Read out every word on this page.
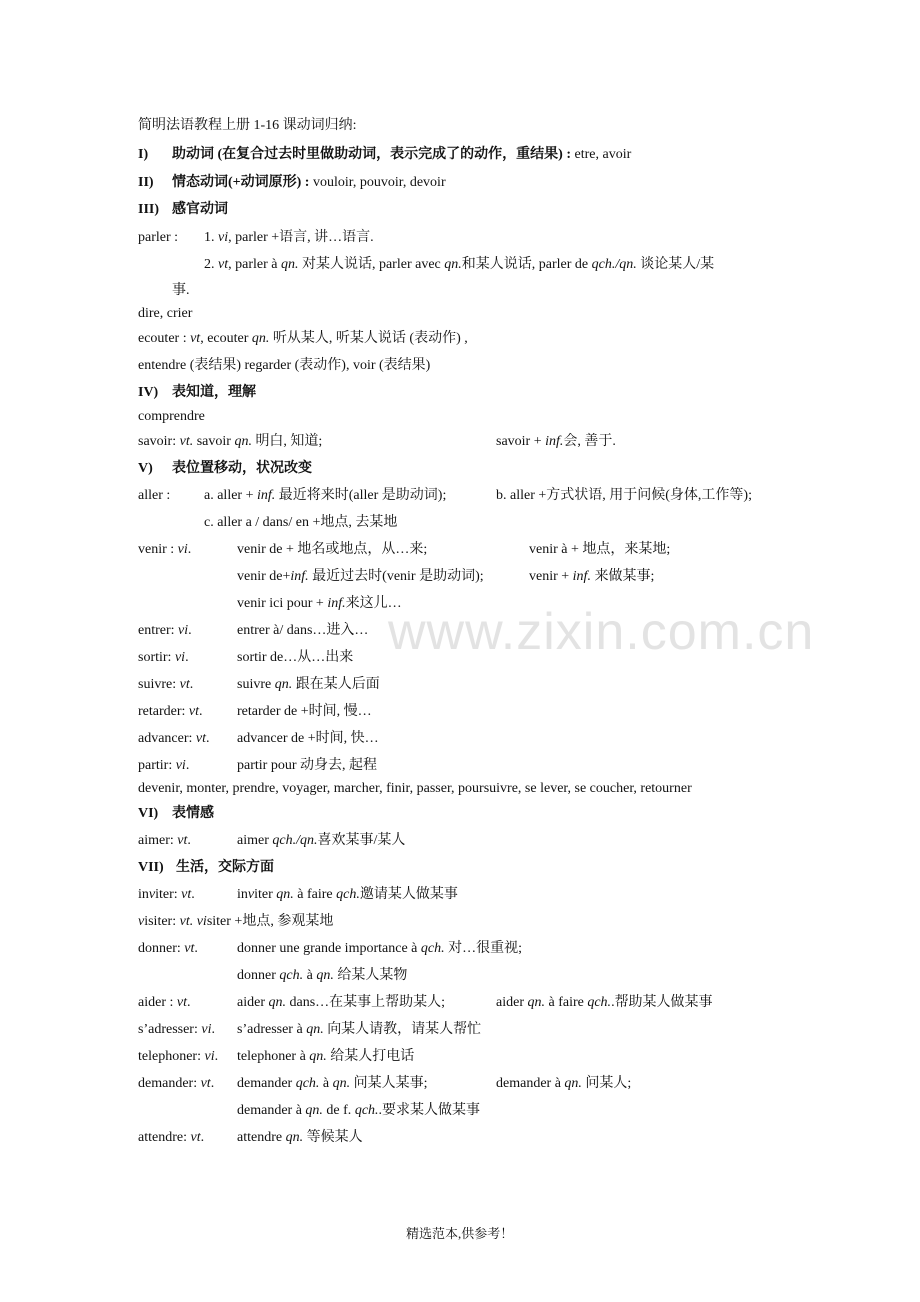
简明法语教程上册 1-16 课动词归纳:
I) 助动词 (在复合过去时里做助动词，表示完成了的动作，重结果) : etre, avoir
II) 情态动词(+动词原形) : vouloir, pouvoir, devoir
III) 感官动词
parler : 1. vi, parler +语言, 讲…语言.
2. vt, parler à qn. 对某人说话, parler avec qn.和某人说话, parler de qch./qn. 谈论某人/某
事.
dire, crier
ecouter : vt, ecouter qn. 听从某人, 听某人说话 (表动作) ,
entendre (表结果) regarder (表动作), voir (表结果)
IV) 表知道，理解
comprendre
savoir: vt. savoir qn. 明白, 知道;	savoir + inf.会, 善于.
V) 表位置移动，状况改变
aller : a. aller + inf. 最近将来时(aller 是助动词);	b. aller +方式状语, 用于问候(身体,工作等);
c. aller a / dans/ en +地点, 去某地
venir : vi.	venir de + 地名或地点，从…来;	venir à + 地点，来某地;
venir de+inf. 最近过去时(venir 是助动词);	venir + inf. 来做某事;
venir ici pour + inf.来这儿…
entrer: vi.	entrer à/ dans…进入…
sortir: vi.	sortir de…从…出来
suivre: vt.	suivre qn. 跟在某人后面
retarder: vt. retarder de +时间, 慢…
advancer: vt. advancer de +时间, 快…
partir: vi.	partir pour 动身去, 起程
devenir, monter, prendre, voyager, marcher, finir, passer, poursuivre, se lever, se coucher, retourner
VI) 表情感
aimer: vt.	aimer qch./qn.喜欢某事/某人
VII) 生活，交际方面
inviter: vt.	inviter qn. à faire qch.邀请某人做某事
visiter: vt. visiter +地点, 参观某地
donner: vt.	donner une grande importance à qch. 对…很重视;
donner qch. à qn. 给某人某物
aider : vt.	aider qn. dans…在某事上帮助某人;	aider qn. à faire qch..帮助某人做某事
s’adresser: vi. s’adresser à qn. 向某人请教，请某人帮忙
telephoner: vi. telephoner à qn. 给某人打电话
demander: vt. demander qch. à qn. 问某人某事;	demander à qn. 问某人;
demander à qn. de f. qch..要求某人做某事
attendre: vt. attendre qn. 等候某人
www.zixin.com.cn
精选范本,供参考！
